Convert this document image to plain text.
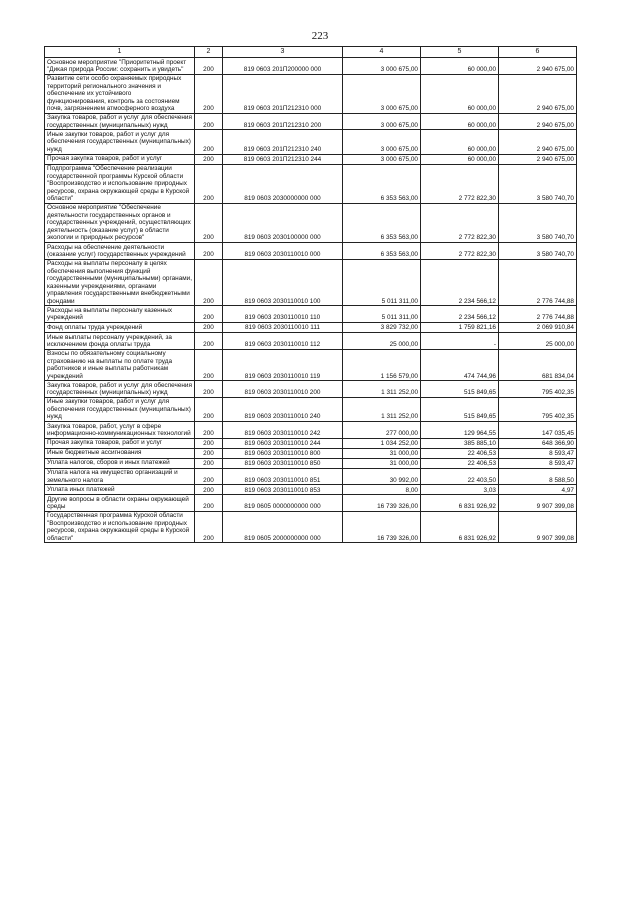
223
1	2	3	4	5	6
Основное мероприятие "Приоритетный проект "Дикая природа России: сохранить и увидеть"	200	819 0603 201П200000 000	3 000 675,00	60 000,00	2 940 675,00
Развитие сети особо охраняемых природных территорий регионального значения и обеспечение их устойчивого функционирования, контроль за состоянием почв, загрязнением атмосферного воздуха	200	819 0603 201П212310 000	3 000 675,00	60 000,00	2 940 675,00
Закупка товаров, работ и услуг для обеспечения государственных (муниципальных) нужд	200	819 0603 201П212310 200	3 000 675,00	60 000,00	2 940 675,00
Иные закупки товаров, работ и услуг для обеспечения государственных (муниципальных) нужд	200	819 0603 201П212310 240	3 000 675,00	60 000,00	2 940 675,00
Прочая закупка товаров, работ и услуг	200	819 0603 201П212310 244	3 000 675,00	60 000,00	2 940 675,00
Подпрограмма "Обеспечение реализации государственной программы Курской области "Воспроизводство и использование природных ресурсов, охрана окружающей среды в Курской области"	200	819 0603 2030000000 000	6 353 563,00	2 772 822,30	3 580 740,70
Основное мероприятие "Обеспечение деятельности государственных органов и государственных учреждений, осуществляющих деятельность (оказание услуг) в области экологии и природных ресурсов"	200	819 0603 2030100000 000	6 353 563,00	2 772 822,30	3 580 740,70
Расходы на обеспечение деятельности (оказание услуг) государственных учреждений	200	819 0603 2030110010 000	6 353 563,00	2 772 822,30	3 580 740,70
Расходы на выплаты персоналу в целях обеспечения выполнения функций государственными (муниципальными) органами, казенными учреждениями, органами управления государственными внебюджетными фондами	200	819 0603 2030110010 100	5 011 311,00	2 234 566,12	2 776 744,88
Расходы на выплаты персоналу казенных учреждений	200	819 0603 2030110010 110	5 011 311,00	2 234 566,12	2 776 744,88
Фонд оплаты труда учреждений	200	819 0603 2030110010 111	3 829 732,00	1 759 821,16	2 069 910,84
Иные выплаты персоналу учреждений, за исключением фонда оплаты труда	200	819 0603 2030110010 112	25 000,00	-	25 000,00
Взносы по обязательному социальному страхованию на выплаты по оплате труда работников и иные выплаты работникам учреждений	200	819 0603 2030110010 119	1 156 579,00	474 744,96	681 834,04
Закупка товаров, работ и услуг для обеспечения государственных (муниципальных) нужд	200	819 0603 2030110010 200	1 311 252,00	515 849,65	795 402,35
Иные закупки товаров, работ и услуг для обеспечения государственных (муниципальных) нужд	200	819 0603 2030110010 240	1 311 252,00	515 849,65	795 402,35
Закупка товаров, работ, услуг в сфере информационно-коммуникационных технологий	200	819 0603 2030110010 242	277 000,00	129 964,55	147 035,45
Прочая закупка товаров, работ и услуг	200	819 0603 2030110010 244	1 034 252,00	385 885,10	648 366,90
Иные бюджетные ассигнования	200	819 0603 2030110010 800	31 000,00	22 406,53	8 593,47
Уплата налогов, сборов и иных платежей	200	819 0603 2030110010 850	31 000,00	22 406,53	8 593,47
Уплата налога на имущество организаций и земельного налога	200	819 0603 2030110010 851	30 992,00	22 403,50	8 588,50
Уплата иных платежей	200	819 0603 2030110010 853	8,00	3,03	4,97
Другие вопросы в области охраны окружающей среды	200	819 0605 0000000000 000	16 739 326,00	6 831 926,92	9 907 399,08
Государственная программа Курской области "Воспроизводство и использование природных ресурсов, охрана окружающей среды в Курской области"	200	819 0605 2000000000 000	16 739 326,00	6 831 926,92	9 907 399,08
